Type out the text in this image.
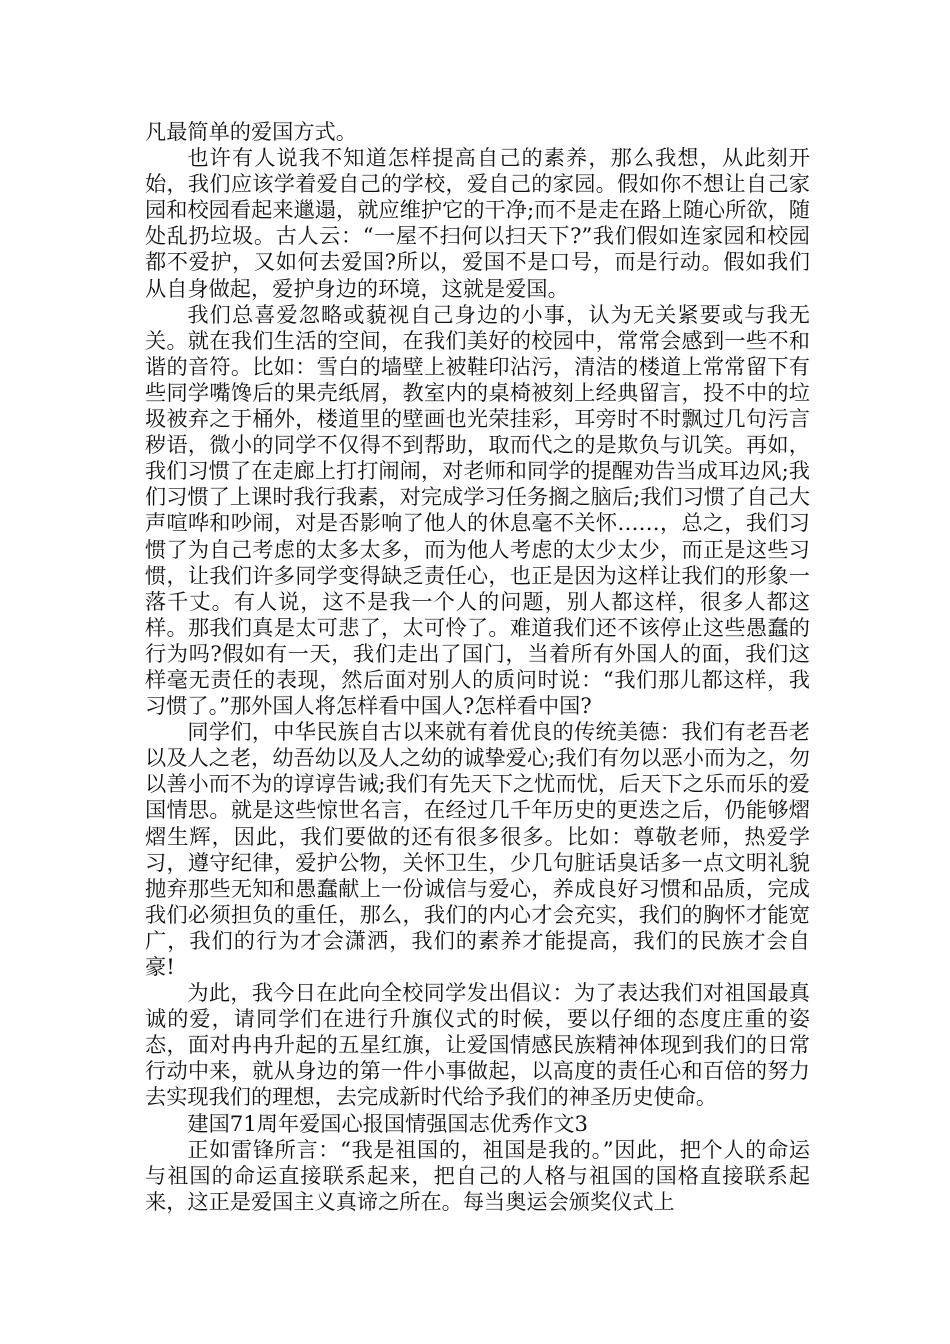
凡最简单的爱国方式。

也许有人说我不知道怎样提高自己的素养，那么我想，从此刻开始，我们应该学着爱自己的学校，爱自己的家园。假如你不想让自己家园和校园看起来邋遢，就应维护它的干净;而不是走在路上随心所欲，随处乱扔垃圾。古人云：“一屋不扫何以扫天下?”我们假如连家园和校园都不爱护，又如何去爱国?所以，爱国不是口号，而是行动。假如我们从自身做起，爱护身边的环境，这就是爱国。

我们总喜爱忽略或藐视自己身边的小事，认为无关紧要或与我无关。就在我们生活的空间，在我们美好的校园中，常常会感到一些不和谐的音符。比如：雪白的墙壁上被鞋印沾污，清洁的楼道上常常留下有些同学嘴馋后的果壳纸屑，教室内的桌椅被刻上经典留言，投不中的垃圾被弃之于桶外，楼道里的壁画也光荣挂彩，耳旁时不时飘过几句污言秽语，微小的同学不仅得不到帮助，取而代之的是欺负与讥笑。再如，我们习惯了在走廊上打打闹闹，对老师和同学的提醒劝告当成耳边风;我们习惯了上课时我行我素，对完成学习任务搁之脑后;我们习惯了自己大声喧哗和吵闹，对是否影响了他人的休息毫不关怀……，总之，我们习惯了为自己考虑的太多太多，而为他人考虑的太少太少，而正是这些习惯，让我们许多同学变得缺乏责任心，也正是因为这样让我们的形象一落千丈。有人说，这不是我一个人的问题，别人都这样，很多人都这样。那我们真是太可悲了，太可怜了。难道我们还不该停止这些愚蠢的行为吗?假如有一天，我们走出了国门，当着所有外国人的面，我们这样毫无责任的表现，然后面对别人的质问时说：“我们那儿都这样，我习惯了。”那外国人将怎样看中国人?怎样看中国?

同学们，中华民族自古以来就有着优良的传统美德：我们有老吾老以及人之老，幼吾幼以及人之幼的诚挚爱心;我们有勿以恶小而为之，勿以善小而不为的谆谆告诫;我们有先天下之忧而忧，后天下之乐而乐的爱国情思。就是这些惊世名言，在经过几千年历史的更迭之后，仍能够熠熠生辉，因此，我们要做的还有很多很多。比如：尊敬老师，热爱学习，遵守纪律，爱护公物，关怀卫生，少几句脏话臭话多一点文明礼貌抛弃那些无知和愚蠢献上一份诚信与爱心，养成良好习惯和品质，完成我们必须担负的重任，那么，我们的内心才会充实，我们的胸怀才能宽广，我们的行为才会潇洒，我们的素养才能提高，我们的民族才会自豪!

为此，我今日在此向全校同学发出倡议：为了表达我们对祖国最真诚的爱，请同学们在进行升旗仪式的时候，要以仔细的态度庄重的姿态，面对冉冉升起的五星红旗，让爱国情感民族精神体现到我们的日常行动中来，就从身边的第一件小事做起，以高度的责任心和百倍的努力去实现我们的理想，去完成新时代给予我们的神圣历史使命。

建国71周年爱国心报国情强国志优秀作文3

正如雷锋所言：“我是祖国的，祖国是我的。”因此，把个人的命运与祖国的命运直接联系起来，把自己的人格与祖国的国格直接联系起来，这正是爱国主义真谛之所在。每当奥运会颁奖仪式上
